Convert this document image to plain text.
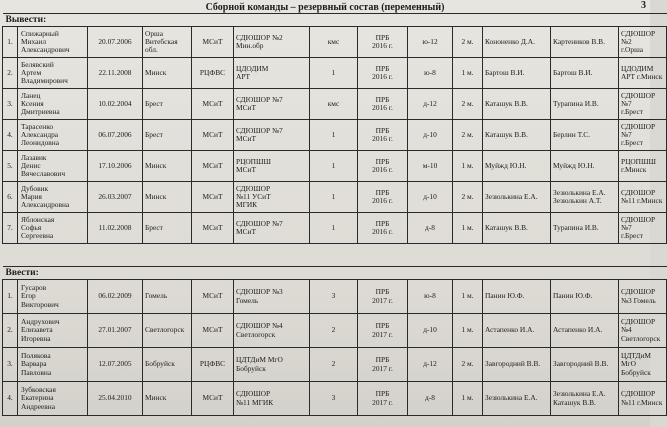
Сборной команды – резервный состав (переменный)	3
Вывести:												
1.	Спижарный
Михаил
Александрович	20.07.2006	Орша
Витебская
обл.	МСиТ	СДЮШОР №2
Мин.обр	кмс	ПРБ
2016 г.	ю-12	2 м.	Кононенко Д.А.	Картеников В.В.	СДЮШОР №2
г.Орша
2.	Белявский
Артем
Владимирович	22.11.2008	Минск	РЦФВС	ЦДОДИМ
АРТ	1	ПРБ
2016 г.	ю-8	1 м.	Бартош В.И.	Бартош В.И.	ЦДОДИМ
АРТ г.Минск
3.	Ланец
Ксения
Дмитриевна	10.02.2004	Брест	МСиТ	СДЮШОР №7
МСиТ	кмс	ПРБ
2016 г.	д-12	2 м.	Каташук В.В.	Турапина И.В.	СДЮШОР
№7
г.Брест
4.	Тарасенко
Александра
Леонидовна	06.07.2006	Брест	МСиТ	СДЮШОР №7
МСиТ	1	ПРБ
2016 г.	д-10	2 м.	Каташук В.В.	Берлин Т.С.	СДЮШОР
№7
г.Брест
5.	Лазавик
Денис
Вячеславович	17.10.2006	Минск	МСиТ	РЦОПШШ
МСиТ	1	ПРБ
2016 г.	м-10	1 м.	Муйжд Ю.Н.	Муйжд Ю.Н.	РЦОПШШ
г.Минск
6.	Дубовик
Мария
Александровна	26.03.2007	Минск	МСиТ	СДЮШОР
№11 УСиТ
МГИК	1	ПРБ
2016 г.	д-10	2 м.	Зезюлькина Е.А.	Зезюлькина Е.А.
Зезюлькин А.Т.	СДЮШОР
№11 г.Минск
7.	Яблонская
Софья
Сергеевна	11.02.2008	Брест	МСиТ	СДЮШОР №7
МСиТ	1	ПРБ
2016 г.	д-8	1 м.	Каташук В.В.	Турапина И.В.	СДЮШОР
№7
г.Брест
Ввести:												
1.	Гусаров
Егор
Викторович	06.02.2009	Гомель	МСиТ	СДЮШОР №3
Гомель	3	ПРБ
2017 г.	ю-8	1 м.	Панин Ю.Ф.	Панин Ю.Ф.	СДЮШОР
№3 Гомель
2.	Андрухович
Елизавета
Игоревна	27.01.2007	Светлогорск	МСиТ	СДЮШОР №4
Светлогорск	2	ПРБ
2017 г.	д-10	1 м.	Астапенко И.А.	Астапенко И.А.	СДЮШОР
№4
Светлогорск
3.	Полякова
Варвара
Павловна	12.07.2005	Бобруйск	РЦФВС	ЦДТДиМ МгО
Бобруйск	2	ПРБ
2017 г.	д-12	2 м.	Завгородний В.В.	Завгородний В.В.	ЦДТДиМ
МгО
Бобруйск
4.	Зубковская
Екатерина
Андреевна	25.04.2010	Минск	МСиТ	СДЮШОР
№11 МГИК	3	ПРБ
2017 г.	д-8	1 м.	Зезюлькина Е.А.	Зезюлькина Е.А.
Каташук В.В.	СДЮШОР
№11 г.Минск
